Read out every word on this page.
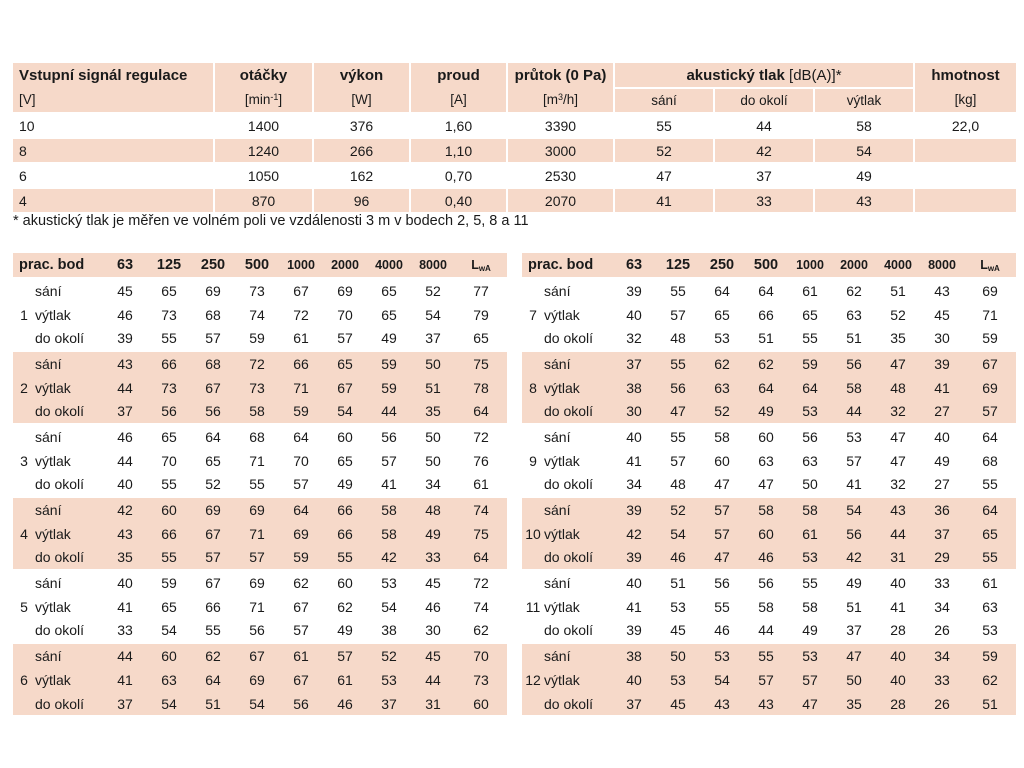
Vstupní signál regulace	otáčky	výkon	proud	průtok (0 Pa)	akustický tlak [dB(A)]*			hmotnost
[V]	$[\min^{-1}]$	[W]	[A]	$[m^3/h]$	sání	do okolí	výtlak	[kg]
10	1400	376	1,60	3390	55	44	58	22,0
8	1240	266	1,10	3000	52	42	54	
6	1050	162	0,70	2530	47	37	49	
4	870	96	0,40	2070	41	33	43	

* akustický tlak je měřen ve volném poli ve vzdálenosti 3 m v bodech 2, 5, 8 a 11

prac. bod		63	125	250	500	1000	2000	4000	8000	LwA
	sání	45	65	69	73	67	69	65	52	77
1	výtlak	46	73	68	74	72	70	65	54	79
	do okolí	39	55	57	59	61	57	49	37	65
	sání	43	66	68	72	66	65	59	50	75
2	výtlak	44	73	67	73	71	67	59	51	78
	do okolí	37	56	56	58	59	54	44	35	64
	sání	46	65	64	68	64	60	56	50	72
3	výtlak	44	70	65	71	70	65	57	50	76
	do okolí	40	55	52	55	57	49	41	34	61
	sání	42	60	69	69	64	66	58	48	74
4	výtlak	43	66	67	71	69	66	58	49	75
	do okolí	35	55	57	57	59	55	42	33	64
	sání	40	59	67	69	62	60	53	45	72
5	výtlak	41	65	66	71	67	62	54	46	74
	do okolí	33	54	55	56	57	49	38	30	62
	sání	44	60	62	67	61	57	52	45	70
6	výtlak	41	63	64	69	67	61	53	44	73
	do okolí	37	54	51	54	56	46	37	31	60
prac. bod		63	125	250	500	1000	2000	4000	8000	LwA
	sání	39	55	64	64	61	62	51	43	69
7	výtlak	40	57	65	66	65	63	52	45	71
	do okolí	32	48	53	51	55	51	35	30	59
	sání	37	55	62	62	59	56	47	39	67
8	výtlak	38	56	63	64	64	58	48	41	69
	do okolí	30	47	52	49	53	44	32	27	57
	sání	40	55	58	60	56	53	47	40	64
9	výtlak	41	57	60	63	63	57	47	49	68
	do okolí	34	48	47	47	50	41	32	27	55
	sání	39	52	57	58	58	54	43	36	64
10	výtlak	42	54	57	60	61	56	44	37	65
	do okolí	39	46	47	46	53	42	31	29	55
	sání	40	51	56	56	55	49	40	33	61
11	výtlak	41	53	55	58	58	51	41	34	63
	do okolí	39	45	46	44	49	37	28	26	53
	sání	38	50	53	55	53	47	40	34	59
12	výtlak	40	53	54	57	57	50	40	33	62
	do okolí	37	45	43	43	47	35	28	26	51
